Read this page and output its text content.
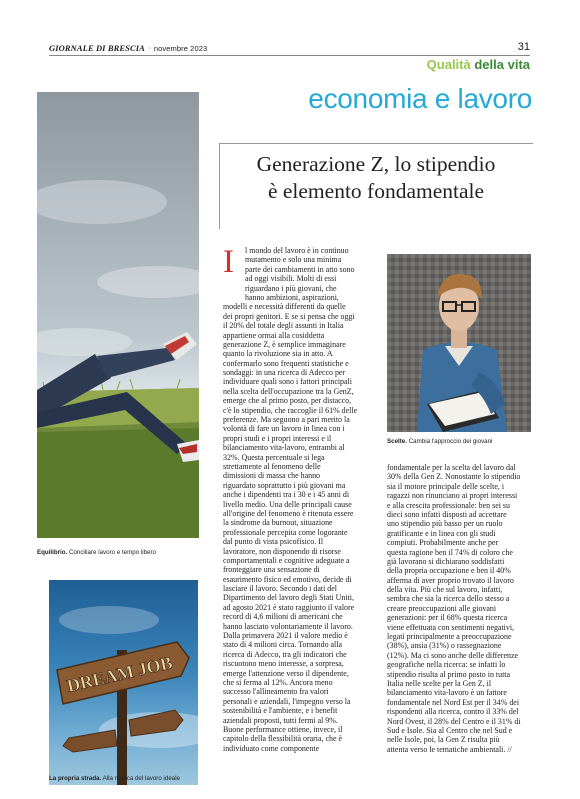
GIORNALE DI BRESCIA · novembre 2023	31
Qualità della vita
economia e lavoro
Equilibrio. Conciliare lavoro e tempo libero
DREAM JOB
La propria strada. Alla ricerca del lavoro ideale
Generazione Z, lo stipendio
è elemento fondamentale
I	l mondo del lavoro è in continuo
mutamento e solo una minima
parte dei cambiamenti in atto sono
ad oggi visibili. Molti di essi
riguardano i più giovani, che
hanno ambizioni, aspirazioni,
modelli e necessità differenti da quelle
dei propri genitori. E se si pensa che oggi
il 20% del totale degli assunti in Italia
appartiene ormai alla cosiddetta
generazione Z, è semplice immaginare
quanto la rivoluzione sia in atto. A
confermarlo sono frequenti statistiche e
sondaggi: in una ricerca di Adecco per
individuare quali sono i fattori principali
nella scelta dell'occupazione tra la GenZ,
emerge che al primo posto, per distacco,
c'è lo stipendio, che raccoglie il 61% delle
preferenze. Ma seguono a pari merito la
volontà di fare un lavoro in linea con i
propri studi e i propri interessi e il
bilanciamento vita-lavoro, entrambi al
32%. Questa percentuale si lega
strettamente al fenomeno delle
dimissioni di massa che hanno
riguardato soprattutto i più giovani ma
anche i dipendenti tra i 30 e i 45 anni di
livello medio. Una delle principali cause
all'origine del fenomeno è ritenuta essere
la sindrome da burnout, situazione
professionale percepita come logorante
dal punto di vista psicofisico. Il
lavoratore, non disponendo di risorse
comportamentali e cognitive adeguate a
fronteggiare una sensazione di
esaurimento fisico ed emotivo, decide di
lasciare il lavoro. Secondo i dati del
Dipartimento del lavoro degli Stati Uniti,
ad agosto 2021 è stato raggiunto il valore
record di 4,6 milioni di americani che
hanno lasciato volontariamente il lavoro.
Dalla primavera 2021 il valore medio è
stato di 4 milioni circa. Tornando alla
ricerca di Adecco, tra gli indicatori che
riscuotono meno interesse, a sorpresa,
emerge l'attenzione verso il dipendente,
che si ferma al 12%. Ancora meno
successo l'allineamento fra valori
personali e aziendali, l'impegno verso la
sostenibilità e l'ambiente, e i benefit
aziendali proposti, tutti fermi al 9%.
Buone performance ottiene, invece, il
capitolo della flessibilità oraria, che è
individuato come componente
fondamentale per la scelta del lavoro dal
30% della Gen Z. Nonostante lo stipendio
sia il motore principale delle scelte, i
ragazzi non rinunciano ai propri interessi
e alla crescita professionale: ben sei su
dieci sono infatti disposti ad accettare
uno stipendio più basso per un ruolo
gratificante e in linea con gli studi
compiuti. Probabilmente anche per
questa ragione ben il 74% di coloro che
già lavorano si dichiarano soddisfatti
della propria occupazione e ben il 40%
afferma di aver proprio trovato il lavoro
della vita. Più che sul lavoro, infatti,
sembra che sia la ricerca dello stesso a
creare preoccupazioni alle giovani
generazioni: per il 68% questa ricerca
viene effettuata con sentimenti negativi,
legati principalmente a preoccupazione
(38%), ansia (31%) o rassegnazione
(12%). Ma ci sono anche delle differenze
geografiche nella ricerca: se infatti lo
stipendio risulta al primo posto in tutta
Italia nelle scelte per la Gen Z, il
bilanciamento vita-lavoro è un fattore
fondamentale nel Nord Est per il 34% dei
rispondenti alla ricerca, contro il 33% del
Nord Ovest, il 28% del Centro e il 31% di
Sud e Isole. Sia al Centro che nel Sud e
nelle Isole, poi, la Gen Z risulta più
attenta verso le tematiche ambientali. //
Scelte. Cambia l'approccio dei giovani
